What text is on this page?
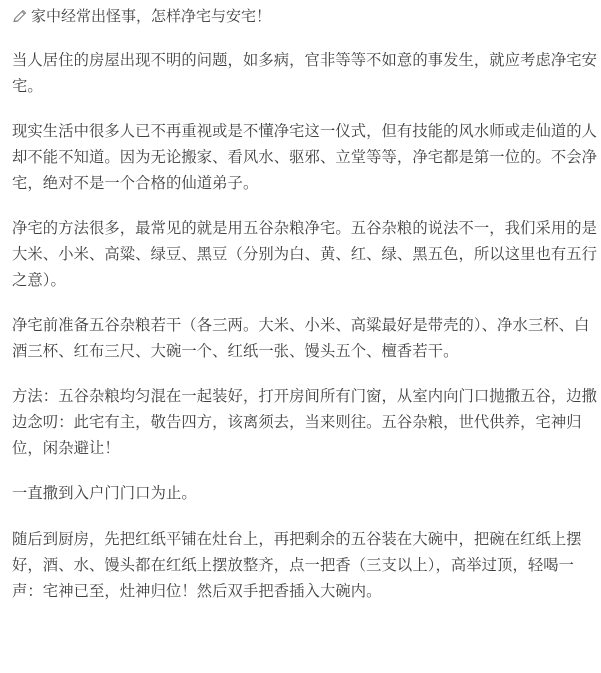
家中经常出怪事，怎样净宅与安宅！

当人居住的房屋出现不明的问题，如多病，官非等等不如意的事发生，就应考虑净宅安宅。

现实生活中很多人已不再重视或是不懂净宅这一仪式，但有技能的风水师或走仙道的人却不能不知道。因为无论搬家、看风水、驱邪、立堂等等，净宅都是第一位的。不会净宅，绝对不是一个合格的仙道弟子。

净宅的方法很多，最常见的就是用五谷杂粮净宅。五谷杂粮的说法不一，我们采用的是大米、小米、高粱、绿豆、黑豆（分别为白、黄、红、绿、黑五色，所以这里也有五行之意）。

净宅前准备五谷杂粮若干（各三两。大米、小米、高粱最好是带壳的）、净水三杯、白酒三杯、红布三尺、大碗一个、红纸一张、馒头五个、檀香若干。

方法：五谷杂粮均匀混在一起装好，打开房间所有门窗，从室内向门口抛撒五谷，边撒边念叨：此宅有主，敬告四方，该离须去，当来则往。五谷杂粮，世代供养，宅神归位，闲杂避让！

一直撒到入户门门口为止。

随后到厨房，先把红纸平铺在灶台上，再把剩余的五谷装在大碗中，把碗在红纸上摆好，酒、水、馒头都在红纸上摆放整齐，点一把香（三支以上），高举过顶，轻喝一声：宅神已至，灶神归位！然后双手把香插入大碗内。
